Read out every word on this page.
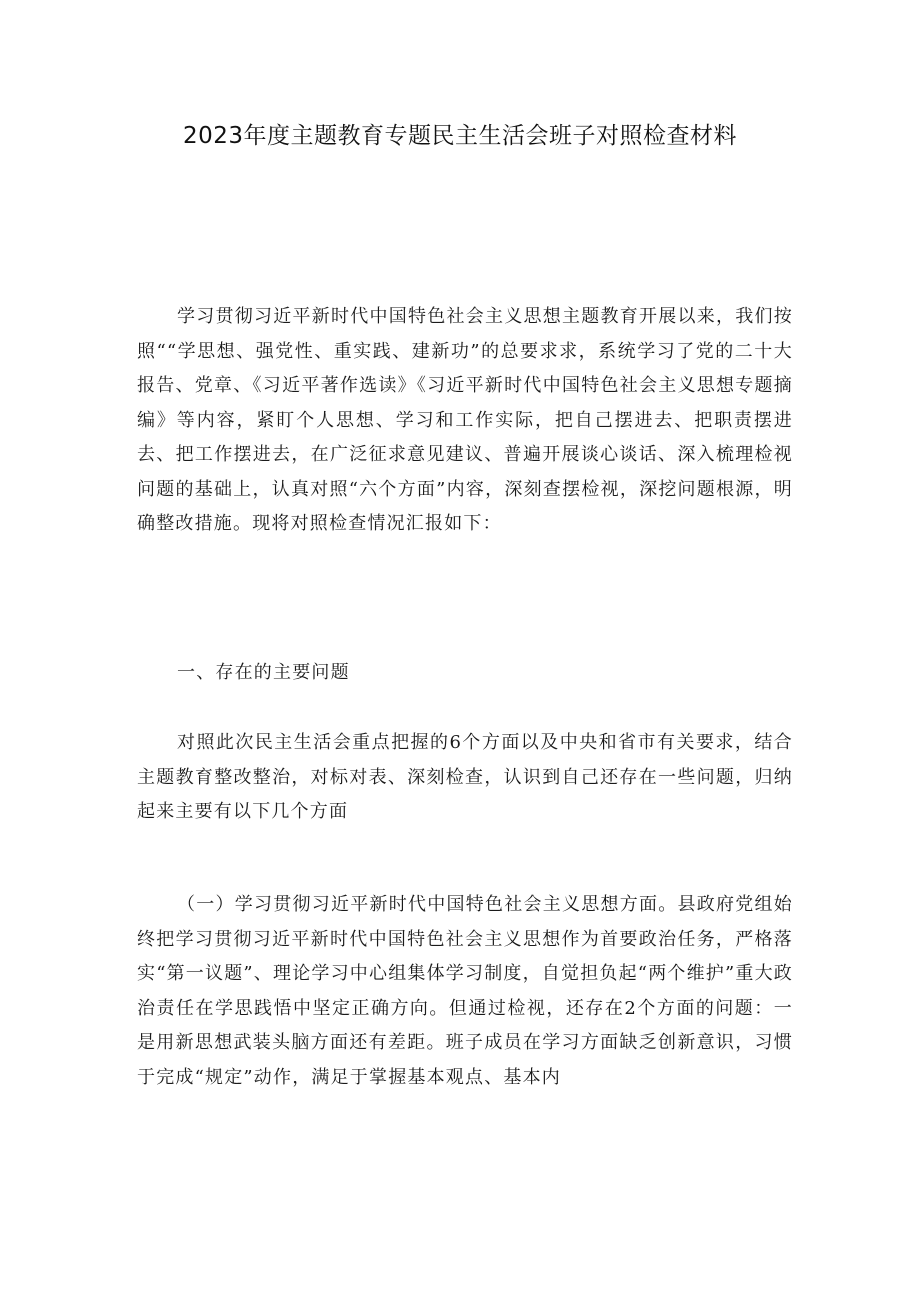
2023年度主题教育专题民主生活会班子对照检查材料

学习贯彻习近平新时代中国特色社会主义思想主题教育开展以来，我们按照““学思想、强党性、重实践、建新功”的总要求求，系统学习了党的二十大报告、党章、《习近平著作选读》《习近平新时代中国特色社会主义思想专题摘编》等内容，紧盯个人思想、学习和工作实际，把自己摆进去、把职责摆进去、把工作摆进去，在广泛征求意见建议、普遍开展谈心谈话、深入梳理检视问题的基础上，认真对照“六个方面”内容，深刻查摆检视，深挖问题根源，明确整改措施。现将对照检查情况汇报如下：

一、存在的主要问题

对照此次民主生活会重点把握的6个方面以及中央和省市有关要求，结合主题教育整改整治，对标对表、深刻检查，认识到自己还存在一些问题，归纳起来主要有以下几个方面

（一）学习贯彻习近平新时代中国特色社会主义思想方面。县政府党组始终把学习贯彻习近平新时代中国特色社会主义思想作为首要政治任务，严格落实“第一议题”、理论学习中心组集体学习制度，自觉担负起“两个维护”重大政治责任在学思践悟中坚定正确方向。但通过检视，还存在2个方面的问题：一是用新思想武装头脑方面还有差距。班子成员在学习方面缺乏创新意识，习惯于完成“规定”动作，满足于掌握基本观点、基本内
